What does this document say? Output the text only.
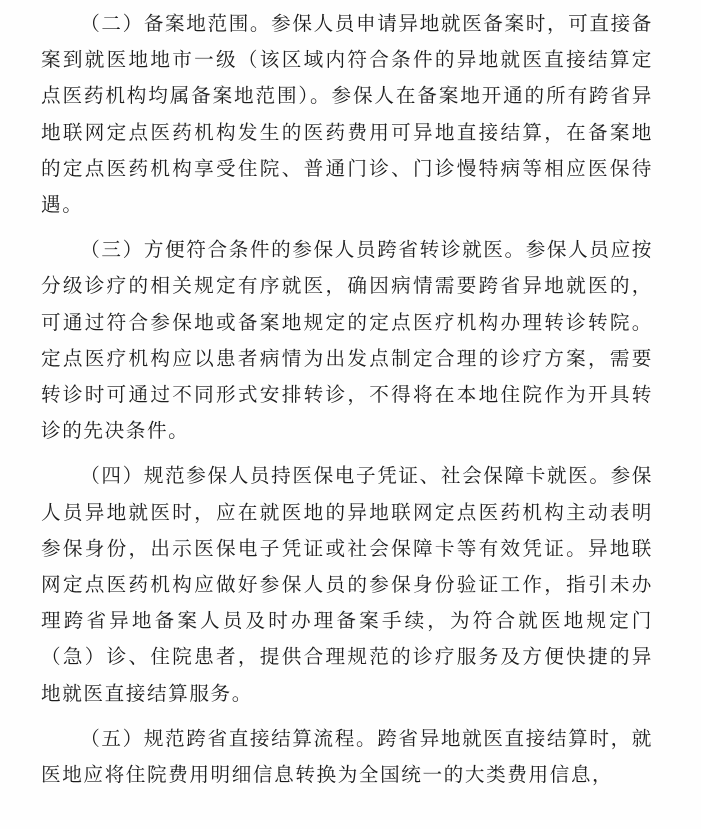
（二）备案地范围。参保人员申请异地就医备案时，可直接备案到就医地地市一级（该区域内符合条件的异地就医直接结算定点医药机构均属备案地范围）。参保人在备案地开通的所有跨省异地联网定点医药机构发生的医药费用可异地直接结算，在备案地的定点医药机构享受住院、普通门诊、门诊慢特病等相应医保待遇。

（三）方便符合条件的参保人员跨省转诊就医。参保人员应按分级诊疗的相关规定有序就医，确因病情需要跨省异地就医的，可通过符合参保地或备案地规定的定点医疗机构办理转诊转院。定点医疗机构应以患者病情为出发点制定合理的诊疗方案，需要转诊时可通过不同形式安排转诊，不得将在本地住院作为开具转诊的先决条件。

（四）规范参保人员持医保电子凭证、社会保障卡就医。参保人员异地就医时，应在就医地的异地联网定点医药机构主动表明参保身份，出示医保电子凭证或社会保障卡等有效凭证。异地联网定点医药机构应做好参保人员的参保身份验证工作，指引未办理跨省异地备案人员及时办理备案手续，为符合就医地规定门（急）诊、住院患者，提供合理规范的诊疗服务及方便快捷的异地就医直接结算服务。

（五）规范跨省直接结算流程。跨省异地就医直接结算时，就医地应将住院费用明细信息转换为全国统一的大类费用信息，
